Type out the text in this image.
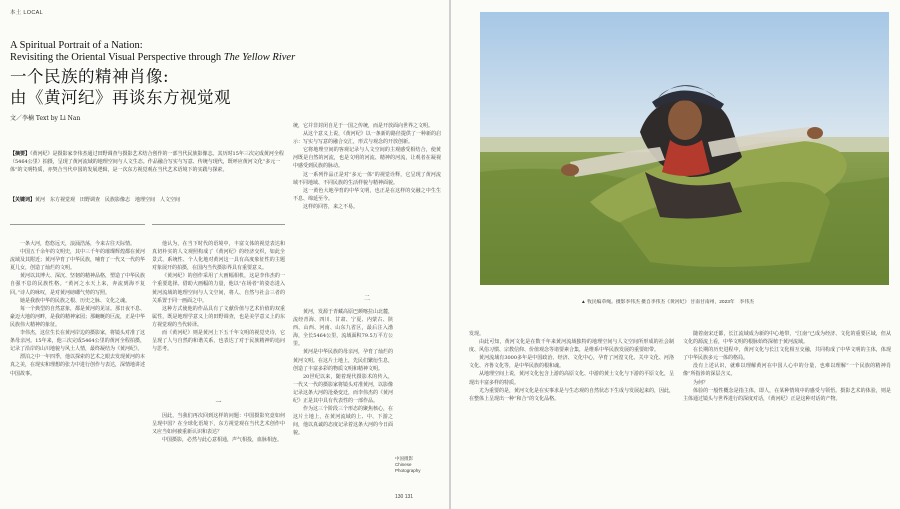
本土 LOCAL
A Spiritual Portrait of a Nation:
Revisiting the Oriental Visual Perspective through The Yellow River
一个民族的精神肖像:
由《黄河纪》再谈东方视觉观
文／李楠 Text by Li Nan
【摘要】《黄河纪》是摄影家李伟杰通过田野调查与摄影艺术结合创作的一部当代民族影像志。其历时15年三次完成黄河全程（5464公里）拍摄，呈现了黄河流域的地理空间与人文生态。作品融合写实与写意、传统与现代，既呼应黄河文化“多元一体”的文明特质，亦契合当代中国的发展逻辑，是一次东方视觉观在当代艺术语境下的实践与探索。
【关键词】黄河　东方视觉观　田野调查　民族影像志　地理空间　人文空间

一条大河，悠悠远天，浪涌浩荡，今来古往天际情。

中国五千余年的文明史，其中三千年的璀璨辉煌都在黄河流域及其附近；黄河孕育了中华民族，哺育了一代又一代的华夏儿女，创造了灿烂的文明。

黄河以其博大、深沉、坚韧的精神品格，塑造了中华民族自强不息的民族性格。“黄河之水天上来，奔流到海不复回。”诗人的咏叹，是对黄河磅礴气势的写照。

她是我族中华的民族之根、历史之脉、文化之魂。

每一个典型的自然意象，都是黄河的见证。那日夜不息、豪迈大地的河畔，是我的精神家园；那蜿蜒的巨流，正是中华民族伟大精神的象征。

李伟杰，这位生长在黄河岸边的摄影家，将镜头对准了这条母亲河。15年来，他三次完成5464公里的黄河全程拍摄，记录了沿岸的山川地貌与风土人情，最终凝结为《黄河纪》。

漂泊之中一年四季，他以探索的艺术之眼去发现黄河的本真之美，在现实和理想的张力中进行创作与表达，深情地讲述中国故事。

他认为，在当下时代的语境中，丰富文体的视觉表达和真切朴实的人文观照构成了《黄河纪》的经济交织，如此全景式、系统性、个人化地对黄河这一具有高度象征性的主题对象展开的拍摄，在国内当代摄影界具有重要意义。

《黄河纪》的创作采用了大画幅相机，这是李伟杰的一个重要选择。借助大画幅的力量，他以“在场者”的姿态进入黄河流域的地理空间与人文空间，将人、自然与社会三者的关系置于同一画面之中。

这种方式使他的作品具有了文献价值与艺术价值的双重属性，既是地理学意义上的田野调查，也是美学意义上的东方视觉观的当代转译。

而《黄河纪》则是黄河上下五千年文明的视觉史诗，它呈现了人与自然的和谐关系，也表达了对于民族精神的追问与思考。

因此，当我们再次回到这样的问题：中国摄影究竟如何呈现中国？在全球化语境下，东方视觉观在当代艺术创作中又应当如何被重新认识和表达？

中国摄影，必然与此心意相通，声气相投，血脉相连。

统，它并非封闭自足于一国之传统，而是开放面向世界之文明。

从这个意义上说，《黄河纪》以一条新的路径提供了一种新的启示：写实与写意的融合交汇，形式与观念的开放创新。

它将地理空间的客观记录与人文空间的主观感受相结合，使黄河既是自然的河流，也是文明的河流、精神的河流，让观者在凝视中感受到民族的脉动。

这一系列作品正是对“多元一体”的视觉诠释，它呈现了黄河流域不同地域、不同民族的生活样貌与精神面貌。

这一黄色大地孕育的中华文明，也正是在这样的交融之中生生不息、绵延至今。

这样的回答，来之不易。

二

黄河，发源于青藏高原巴颜喀拉山北麓，流经青海、四川、甘肃、宁夏、内蒙古、陕西、山西、河南、山东九省区，最后注入渤海，全长5464公里，流域面积79.5万平方公里。

黄河是中华民族的母亲河，孕育了灿烂的黄河文明。在这片土地上，先民们繁衍生息，创造了丰富多彩的物质文明和精神文明。

20世纪以来，随着现代摄影术的传入，一代又一代的摄影家将镜头对准黄河，以影像记录这条大河的沧桑变迁，而李伟杰的《黄河纪》正是其中具有代表性的一部作品。

作为这三个阶段三个形态的聚焦核心，在这片土地上，在黄河流域的上、中、下游之间，他以真诚的态度记录着这条大河的今日面貌。

一
中国摄影
Chinese
Photography
130 131
▲ 牧民编草绳。摄影李伟杰 摄自李伟杰《黄河纪》 甘南甘南州，2023年　李伟杰

发现。

由此可知，黄河文化是在数千年来黄河流域独特的地理空间与人文空间所形成的社会制度、风俗习惯、宗教信仰、价值观念等诸要素合集，是维系中华民族发展的重要纽带。

黄河流域有3000多年是中国政治、经济、文化中心，孕育了河湟文化、关中文化、河洛文化、齐鲁文化等，是中华民族的根和魂。

从地理空间上说，黄河文化包含上游的高原文化、中游的黄土文化与下游的平原文化，呈现出丰富多样的特质。

尤为重要的是，黄河文化是在实事求是与生态观的自然状态下生成与发展起来的，因此，在整体上呈现出一种“和合”的文化品格。

随着南宋迁都，长江流域成为新的中心地带，“江南”已成为经济、文化的重要区域，但从文化的源流上看，中华文明的根脉始终深植于黄河流域。

在长期的历史进程中，黄河文化与长江文化相互交融，共同构成了中华文明的主体，体现了中华民族多元一体的格局。

没有上述认识，就难以理解黄河在中国人心中的分量，也难以理解“一个民族的精神肖像”所指涉的深层含义。

为何？

体验的一般性概念是指主体，即人，在某种情境中的感受与领悟。摄影艺术的体验，则是主体通过镜头与世界进行的深度对话，《黄河纪》正是这种对话的产物。
